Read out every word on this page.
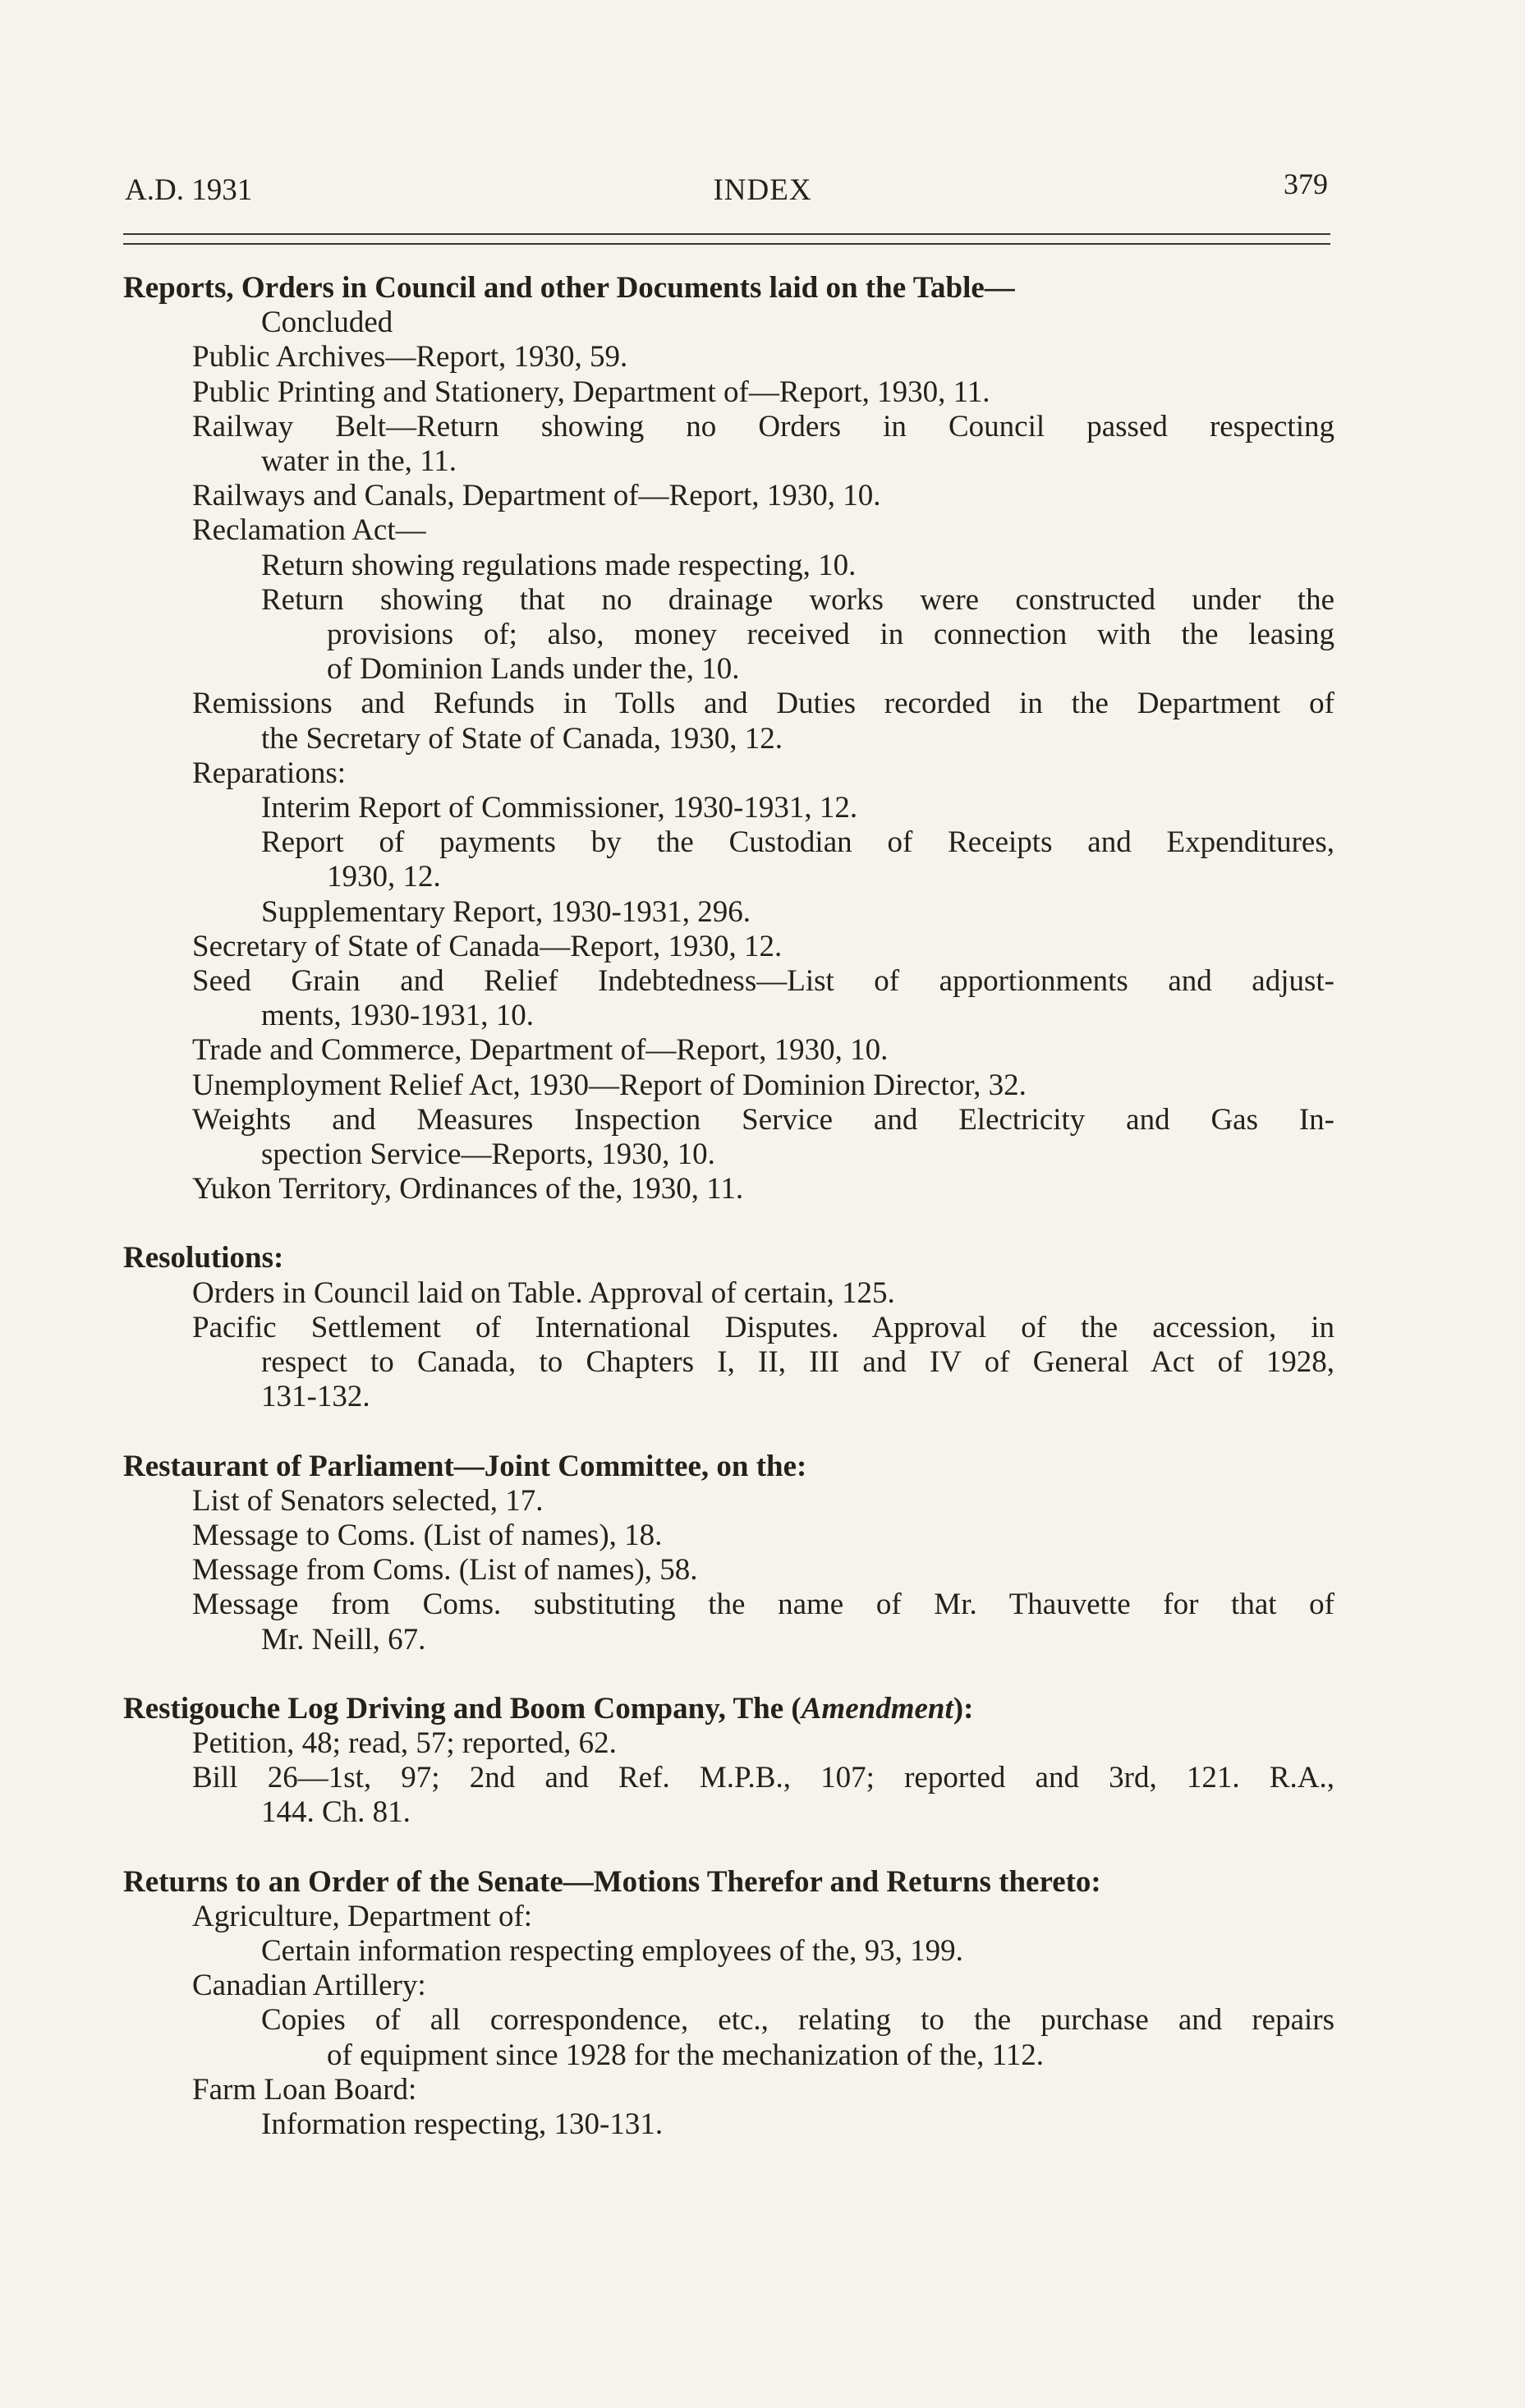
A.D. 1931	INDEX	379
Reports, Orders in Council and other Documents laid on the Table—
Concluded
Public Archives—Report, 1930, 59.
Public Printing and Stationery, Department of—Report, 1930, 11.
Railway Belt—Return showing no Orders in Council passed respecting
water in the, 11.
Railways and Canals, Department of—Report, 1930, 10.
Reclamation Act—
Return showing regulations made respecting, 10.
Return showing that no drainage works were constructed under the
provisions of; also, money received in connection with the leasing
of Dominion Lands under the, 10.
Remissions and Refunds in Tolls and Duties recorded in the Department of
the Secretary of State of Canada, 1930, 12.
Reparations:
Interim Report of Commissioner, 1930-1931, 12.
Report of payments by the Custodian of Receipts and Expenditures,
1930, 12.
Supplementary Report, 1930-1931, 296.
Secretary of State of Canada—Report, 1930, 12.
Seed Grain and Relief Indebtedness—List of apportionments and adjust-
ments, 1930-1931, 10.
Trade and Commerce, Department of—Report, 1930, 10.
Unemployment Relief Act, 1930—Report of Dominion Director, 32.
Weights and Measures Inspection Service and Electricity and Gas In-
spection Service—Reports, 1930, 10.
Yukon Territory, Ordinances of the, 1930, 11.
Resolutions:
Orders in Council laid on Table. Approval of certain, 125.
Pacific Settlement of International Disputes. Approval of the accession, in
respect to Canada, to Chapters I, II, III and IV of General Act of 1928,
131-132.
Restaurant of Parliament—Joint Committee, on the:
List of Senators selected, 17.
Message to Coms. (List of names), 18.
Message from Coms. (List of names), 58.
Message from Coms. substituting the name of Mr. Thauvette for that of
Mr. Neill, 67.
Restigouche Log Driving and Boom Company, The (Amendment):
Petition, 48; read, 57; reported, 62.
Bill 26—1st, 97; 2nd and Ref. M.P.B., 107; reported and 3rd, 121. R.A.,
144. Ch. 81.
Returns to an Order of the Senate—Motions Therefor and Returns thereto:
Agriculture, Department of:
Certain information respecting employees of the, 93, 199.
Canadian Artillery:
Copies of all correspondence, etc., relating to the purchase and repairs
of equipment since 1928 for the mechanization of the, 112.
Farm Loan Board:
Information respecting, 130-131.
